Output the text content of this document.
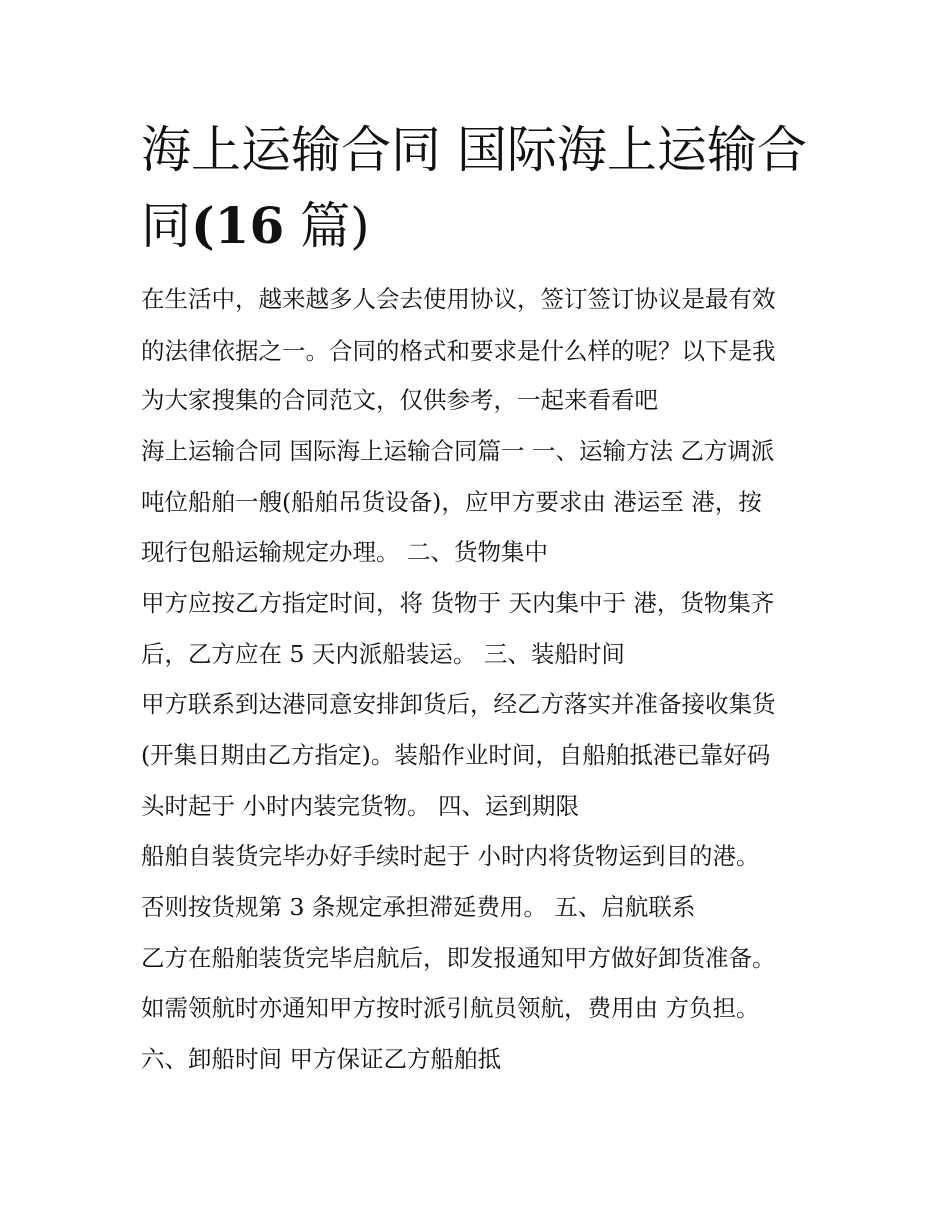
海上运输合同 国际海上运输合
同(16 篇)

在生活中，越来越多人会去使用协议，签订签订协议是最有效

的法律依据之一。合同的格式和要求是什么样的呢？以下是我

为大家搜集的合同范文，仅供参考，一起来看看吧

海上运输合同 国际海上运输合同篇一 一、运输方法 乙方调派

吨位船舶一艘(船舶吊货设备)，应甲方要求由 港运至 港，按

现行包船运输规定办理。 二、货物集中

甲方应按乙方指定时间，将 货物于 天内集中于 港，货物集齐

后，乙方应在 5 天内派船装运。 三、装船时间

甲方联系到达港同意安排卸货后，经乙方落实并准备接收集货

(开集日期由乙方指定)。装船作业时间，自船舶抵港已靠好码

头时起于 小时内装完货物。 四、运到期限

船舶自装货完毕办好手续时起于 小时内将货物运到目的港。

否则按货规第 3 条规定承担滞延费用。 五、启航联系

乙方在船舶装货完毕启航后，即发报通知甲方做好卸货准备。

如需领航时亦通知甲方按时派引航员领航，费用由 方负担。

六、卸船时间 甲方保证乙方船舶抵
